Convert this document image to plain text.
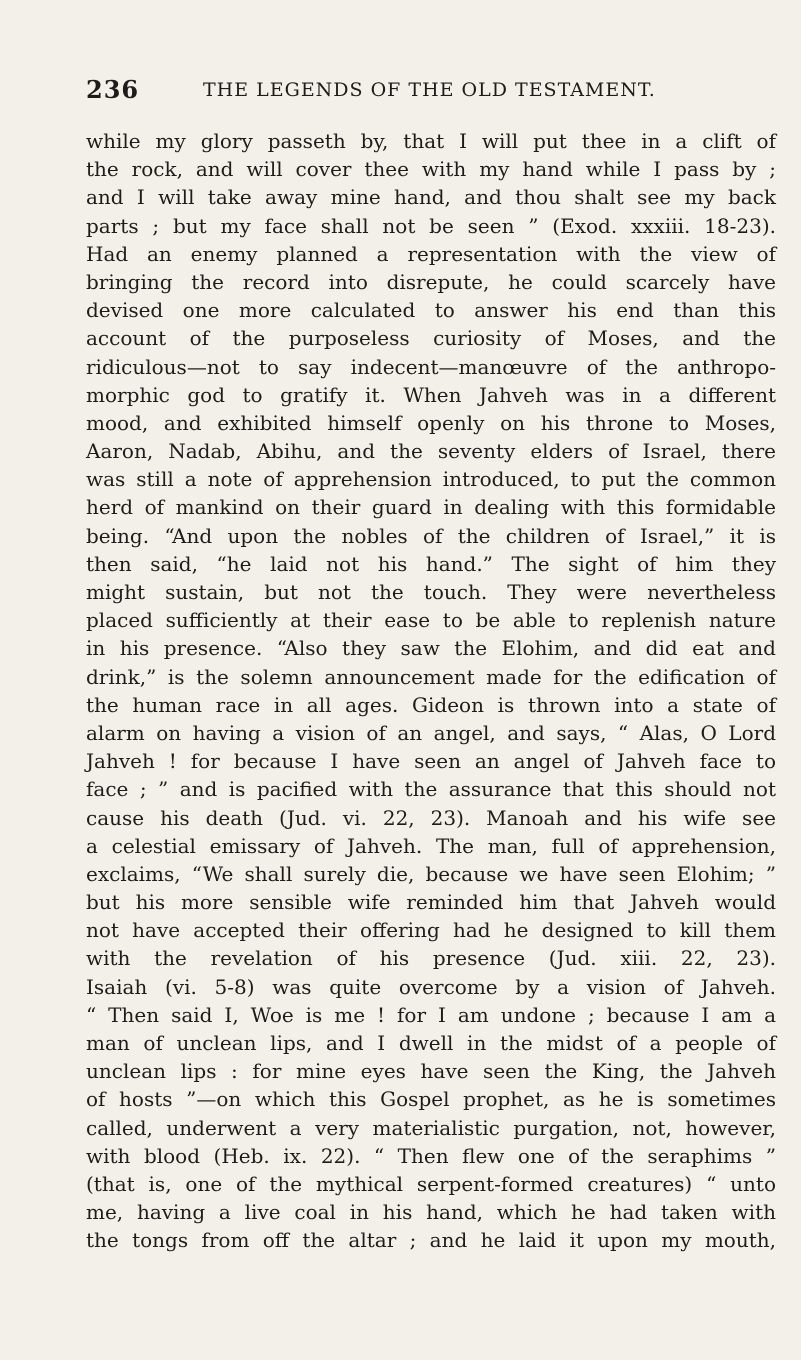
236	THE LEGENDS OF THE OLD TESTAMENT.
while my glory passeth by, that I will put thee in a clift of
the rock, and will cover thee with my hand while I pass by ;
and I will take away mine hand, and thou shalt see my back
parts ; but my face shall not be seen ” (Exod. xxxiii. 18-23).
Had an enemy planned a representation with the view of
bringing the record into disrepute, he could scarcely have
devised one more calculated to answer his end than this
account of the purposeless curiosity of Moses, and the
ridiculous—not to say indecent—manœuvre of the anthropo-
morphic god to gratify it. When Jahveh was in a different
mood, and exhibited himself openly on his throne to Moses,
Aaron, Nadab, Abihu, and the seventy elders of Israel, there
was still a note of apprehension introduced, to put the common
herd of mankind on their guard in dealing with this formidable
being. “And upon the nobles of the children of Israel,” it is
then said, “he laid not his hand.” The sight of him they
might sustain, but not the touch. They were nevertheless
placed sufficiently at their ease to be able to replenish nature
in his presence. “Also they saw the Elohim, and did eat and
drink,” is the solemn announcement made for the edification of
the human race in all ages. Gideon is thrown into a state of
alarm on having a vision of an angel, and says, “ Alas, O Lord
Jahveh ! for because I have seen an angel of Jahveh face to
face ; ” and is pacified with the assurance that this should not
cause his death (Jud. vi. 22, 23). Manoah and his wife see
a celestial emissary of Jahveh. The man, full of apprehension,
exclaims, “We shall surely die, because we have seen Elohim; ”
but his more sensible wife reminded him that Jahveh would
not have accepted their offering had he designed to kill them
with the revelation of his presence (Jud. xiii. 22, 23).
Isaiah (vi. 5-8) was quite overcome by a vision of Jahveh.
“ Then said I, Woe is me ! for I am undone ; because I am a
man of unclean lips, and I dwell in the midst of a people of
unclean lips : for mine eyes have seen the King, the Jahveh
of hosts ”—on which this Gospel prophet, as he is sometimes
called, underwent a very materialistic purgation, not, however,
with blood (Heb. ix. 22). “ Then flew one of the seraphims ”
(that is, one of the mythical serpent-formed creatures) “ unto
me, having a live coal in his hand, which he had taken with
the tongs from off the altar ; and he laid it upon my mouth,
